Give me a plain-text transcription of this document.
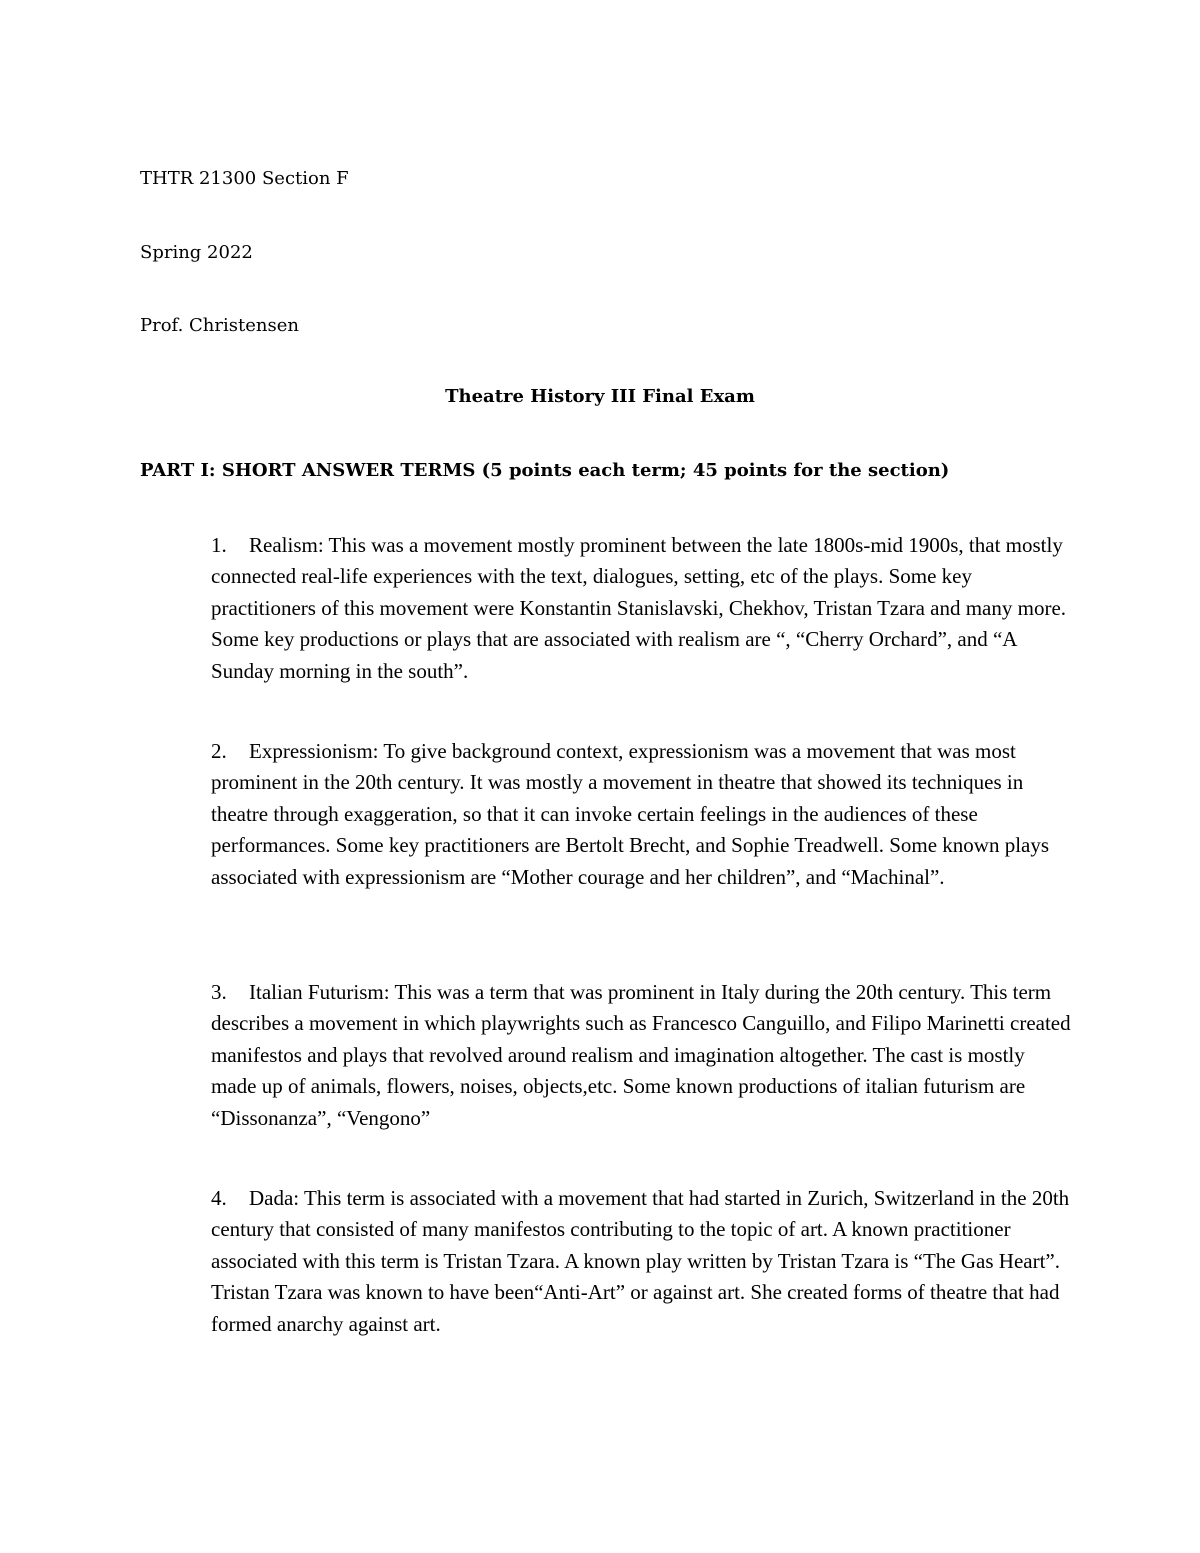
THTR 21300 Section F
Spring 2022
Prof. Christensen
Theatre History III Final Exam
PART I: SHORT ANSWER TERMS (5 points each term; 45 points for the section)
1. Realism: This was a movement mostly prominent between the late 1800s-mid 1900s, that mostly connected real-life experiences with the text, dialogues, setting, etc of the plays. Some key practitioners of this movement were Konstantin Stanislavski, Chekhov, Tristan Tzara and many more. Some key productions or plays that are associated with realism are “, “Cherry Orchard”, and “A Sunday morning in the south”.
2. Expressionism: To give background context, expressionism was a movement that was most prominent in the 20th century. It was mostly a movement in theatre that showed its techniques in theatre through exaggeration, so that it can invoke certain feelings in the audiences of these performances. Some key practitioners are Bertolt Brecht, and Sophie Treadwell. Some known plays associated with expressionism are “Mother courage and her children”, and “Machinal”.
3. Italian Futurism: This was a term that was prominent in Italy during the 20th century. This term describes a movement in which playwrights such as Francesco Canguillo, and Filipo Marinetti created manifestos and plays that revolved around realism and imagination altogether. The cast is mostly made up of animals, flowers, noises, objects,etc. Some known productions of italian futurism are “Dissonanza”, “Vengono”
4. Dada: This term is associated with a movement that had started in Zurich, Switzerland in the 20th century that consisted of many manifestos contributing to the topic of art. A known practitioner associated with this term is Tristan Tzara. A known play written by Tristan Tzara is “The Gas Heart”. Tristan Tzara was known to have been“Anti-Art” or against art. She created forms of theatre that had formed anarchy against art.
